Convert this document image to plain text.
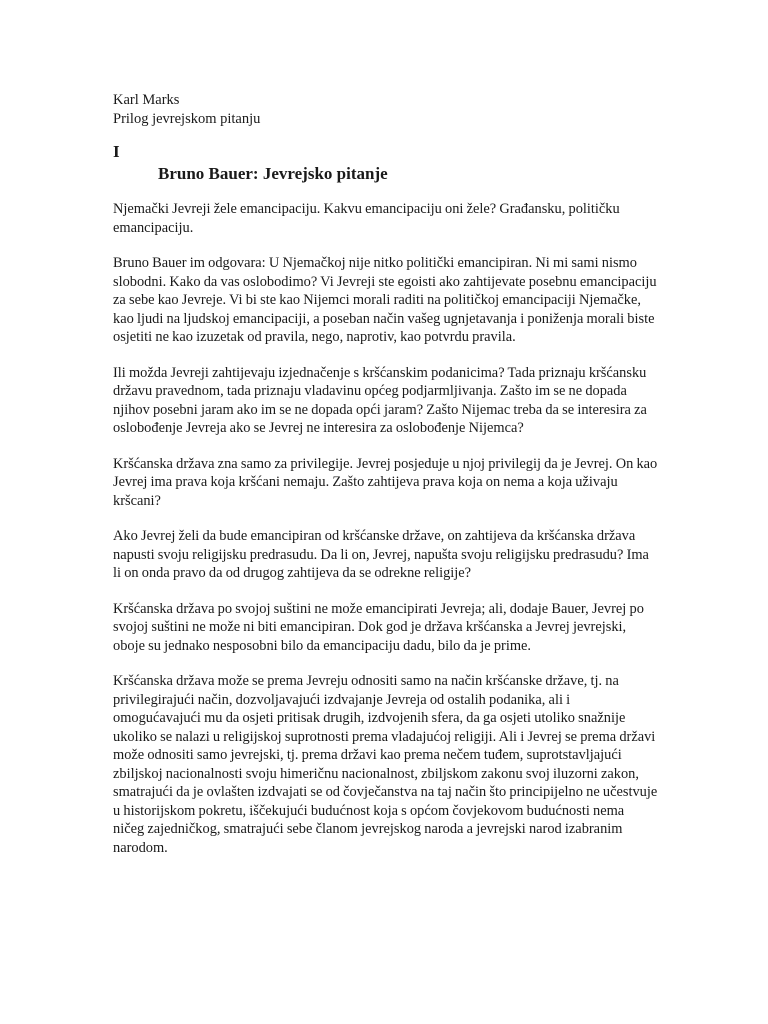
Karl Marks

Prilog jevrejskom pitanju

I

Bruno Bauer: Jevrejsko pitanje

Njemački Jevreji žele emancipaciju. Kakvu emancipaciju oni žele? Građansku, političku emancipaciju.

Bruno Bauer im odgovara: U Njemačkoj nije nitko politički emancipiran. Ni mi sami nismo slobodni. Kako da vas oslobodimo? Vi Jevreji ste egoisti ako zahtijevate posebnu emancipaciju za sebe kao Jevreje. Vi bi ste kao Nijemci morali raditi na političkoj emancipaciji Njemačke, kao ljudi na ljudskoj emancipaciji, a poseban način vašeg ugnjetavanja i poniženja morali biste osjetiti ne kao izuzetak od pravila, nego, naprotiv, kao potvrdu pravila.

Ili možda Jevreji zahtijevaju izjednačenje s kršćanskim podanicima? Tada priznaju kršćansku državu pravednom, tada priznaju vladavinu općeg podjarmljivanja. Zašto im se ne dopada njihov posebni jaram ako im se ne dopada opći jaram? Zašto Nijemac treba da se interesira za oslobođenje Jevreja ako se Jevrej ne interesira za oslobođenje Nijemca?

Kršćanska država zna samo za privilegije. Jevrej posjeduje u njoj privilegij da je Jevrej. On kao Jevrej ima prava koja kršćani nemaju. Zašto zahtijeva prava koja on nema a koja uživaju kršcani?

Ako Jevrej želi da bude emancipiran od kršćanske države, on zahtijeva da kršćanska država napusti svoju religijsku predrasudu. Da li on, Jevrej, napušta svoju religijsku predrasudu? Ima li on onda pravo da od drugog zahtijeva da se odrekne religije?

Kršćanska država po svojoj suštini ne može emancipirati Jevreja; ali, dodaje Bauer, Jevrej po svojoj suštini ne može ni biti emancipiran. Dok god je država kršćanska a Jevrej jevrejski, oboje su jednako nesposobni bilo da emancipaciju dadu, bilo da je prime.

Kršćanska država može se prema Jevreju odnositi samo na način kršćanske države, tj. na privilegirajući način, dozvoljavajući izdvajanje Jevreja od ostalih podanika, ali i omogućavajući mu da osjeti pritisak drugih, izdvojenih sfera, da ga osjeti utoliko snažnije ukoliko se nalazi u religijskoj suprotnosti prema vladajućoj religiji. Ali i Jevrej se prema državi može odnositi samo jevrejski, tj. prema državi kao prema nečem tuđem, suprotstavljajući zbiljskoj nacionalnosti svoju himeričnu nacionalnost, zbiljskom zakonu svoj iluzorni zakon, smatrajući da je ovlašten izdvajati se od čovječanstva na taj način što principijelno ne učestvuje u historijskom pokretu, iščekujući budućnost koja s općom čovjekovom budućnosti nema ničeg zajedničkog, smatrajući sebe članom jevrejskog naroda a jevrejski narod izabranim narodom.
